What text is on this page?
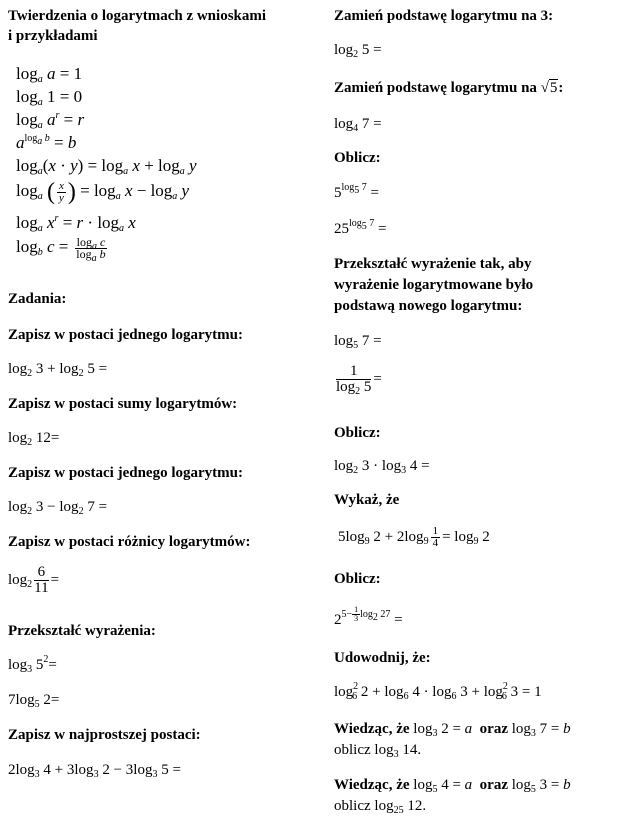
Twierdzenia o logarytmach z wnioskami
i przykładami
$\log_a a = 1$
$\log_a 1 = 0$
$\log_a a^r = r$
$a^{log_a b} = b$
$\log_a(x \cdot y) = \log_a x + \log_a y$
$\log_a$ ( $\frac{x}{y}$ ) = $\log_a x - \log_a y$
$\log_a x^r = r \cdot \log_a x$
$\log_b c = \frac{\log_a c}{\log_a b}$
Zadania:
Zapisz w postaci jednego logarytmu:
$\log_2 3 + \log_2 5$ =
Zapisz w postaci sumy logarytmów:
$\log_2 12=$
Zapisz w postaci jednego logarytmu:
$\log_2 3 - \log_2 7$ =
Zapisz w postaci różnicy logarytmów:
$\log_2 \frac{6}{11}$ =
Przekształć wyrażenia:
$\log_3 5^2=$
$7\log_5$ 2=
Zapisz w najprostszej postaci:
$2\log_3$ $4 + 3\log_3$ $2 - 3\log_3$ 5 =
Zamień podstawę logarytmu na 3:
$\log_2 5$ =
Zamień podstawę logarytmu na √5:
$\log_4 7$ =
Oblicz:
$5^{log_5 7}$ =
$25^{log_5 7}$ =
Przekształć wyrażenie tak, aby
wyrażenie logarytmowane było
podstawą nowego logarytmu:
$\log_5 7$ =
$\frac{1}{\log_2 5}$ =
Oblicz:
$\log_2 3 \cdot \log_3 4$ =
Wykaż, że
$5\log_9$ $2 + 2\log_9 \frac{1}{4} = \log_9 2$
Oblicz:
$2^{5- \frac{1}{3} log_2 27}$ =
Udowodnij, że:
$\log^2_6 2 + \log_6 4 \cdot \log_6 3 + \log^2_6 3 = 1$
Wiedząc, że $\log_3 2 = a$ oraz $\log_3 7 = b$
oblicz $\log_3 14$.
Wiedząc, że $\log_5 4 = a$ oraz $\log_5 3 = b$
oblicz $\log_{25} 12$.
